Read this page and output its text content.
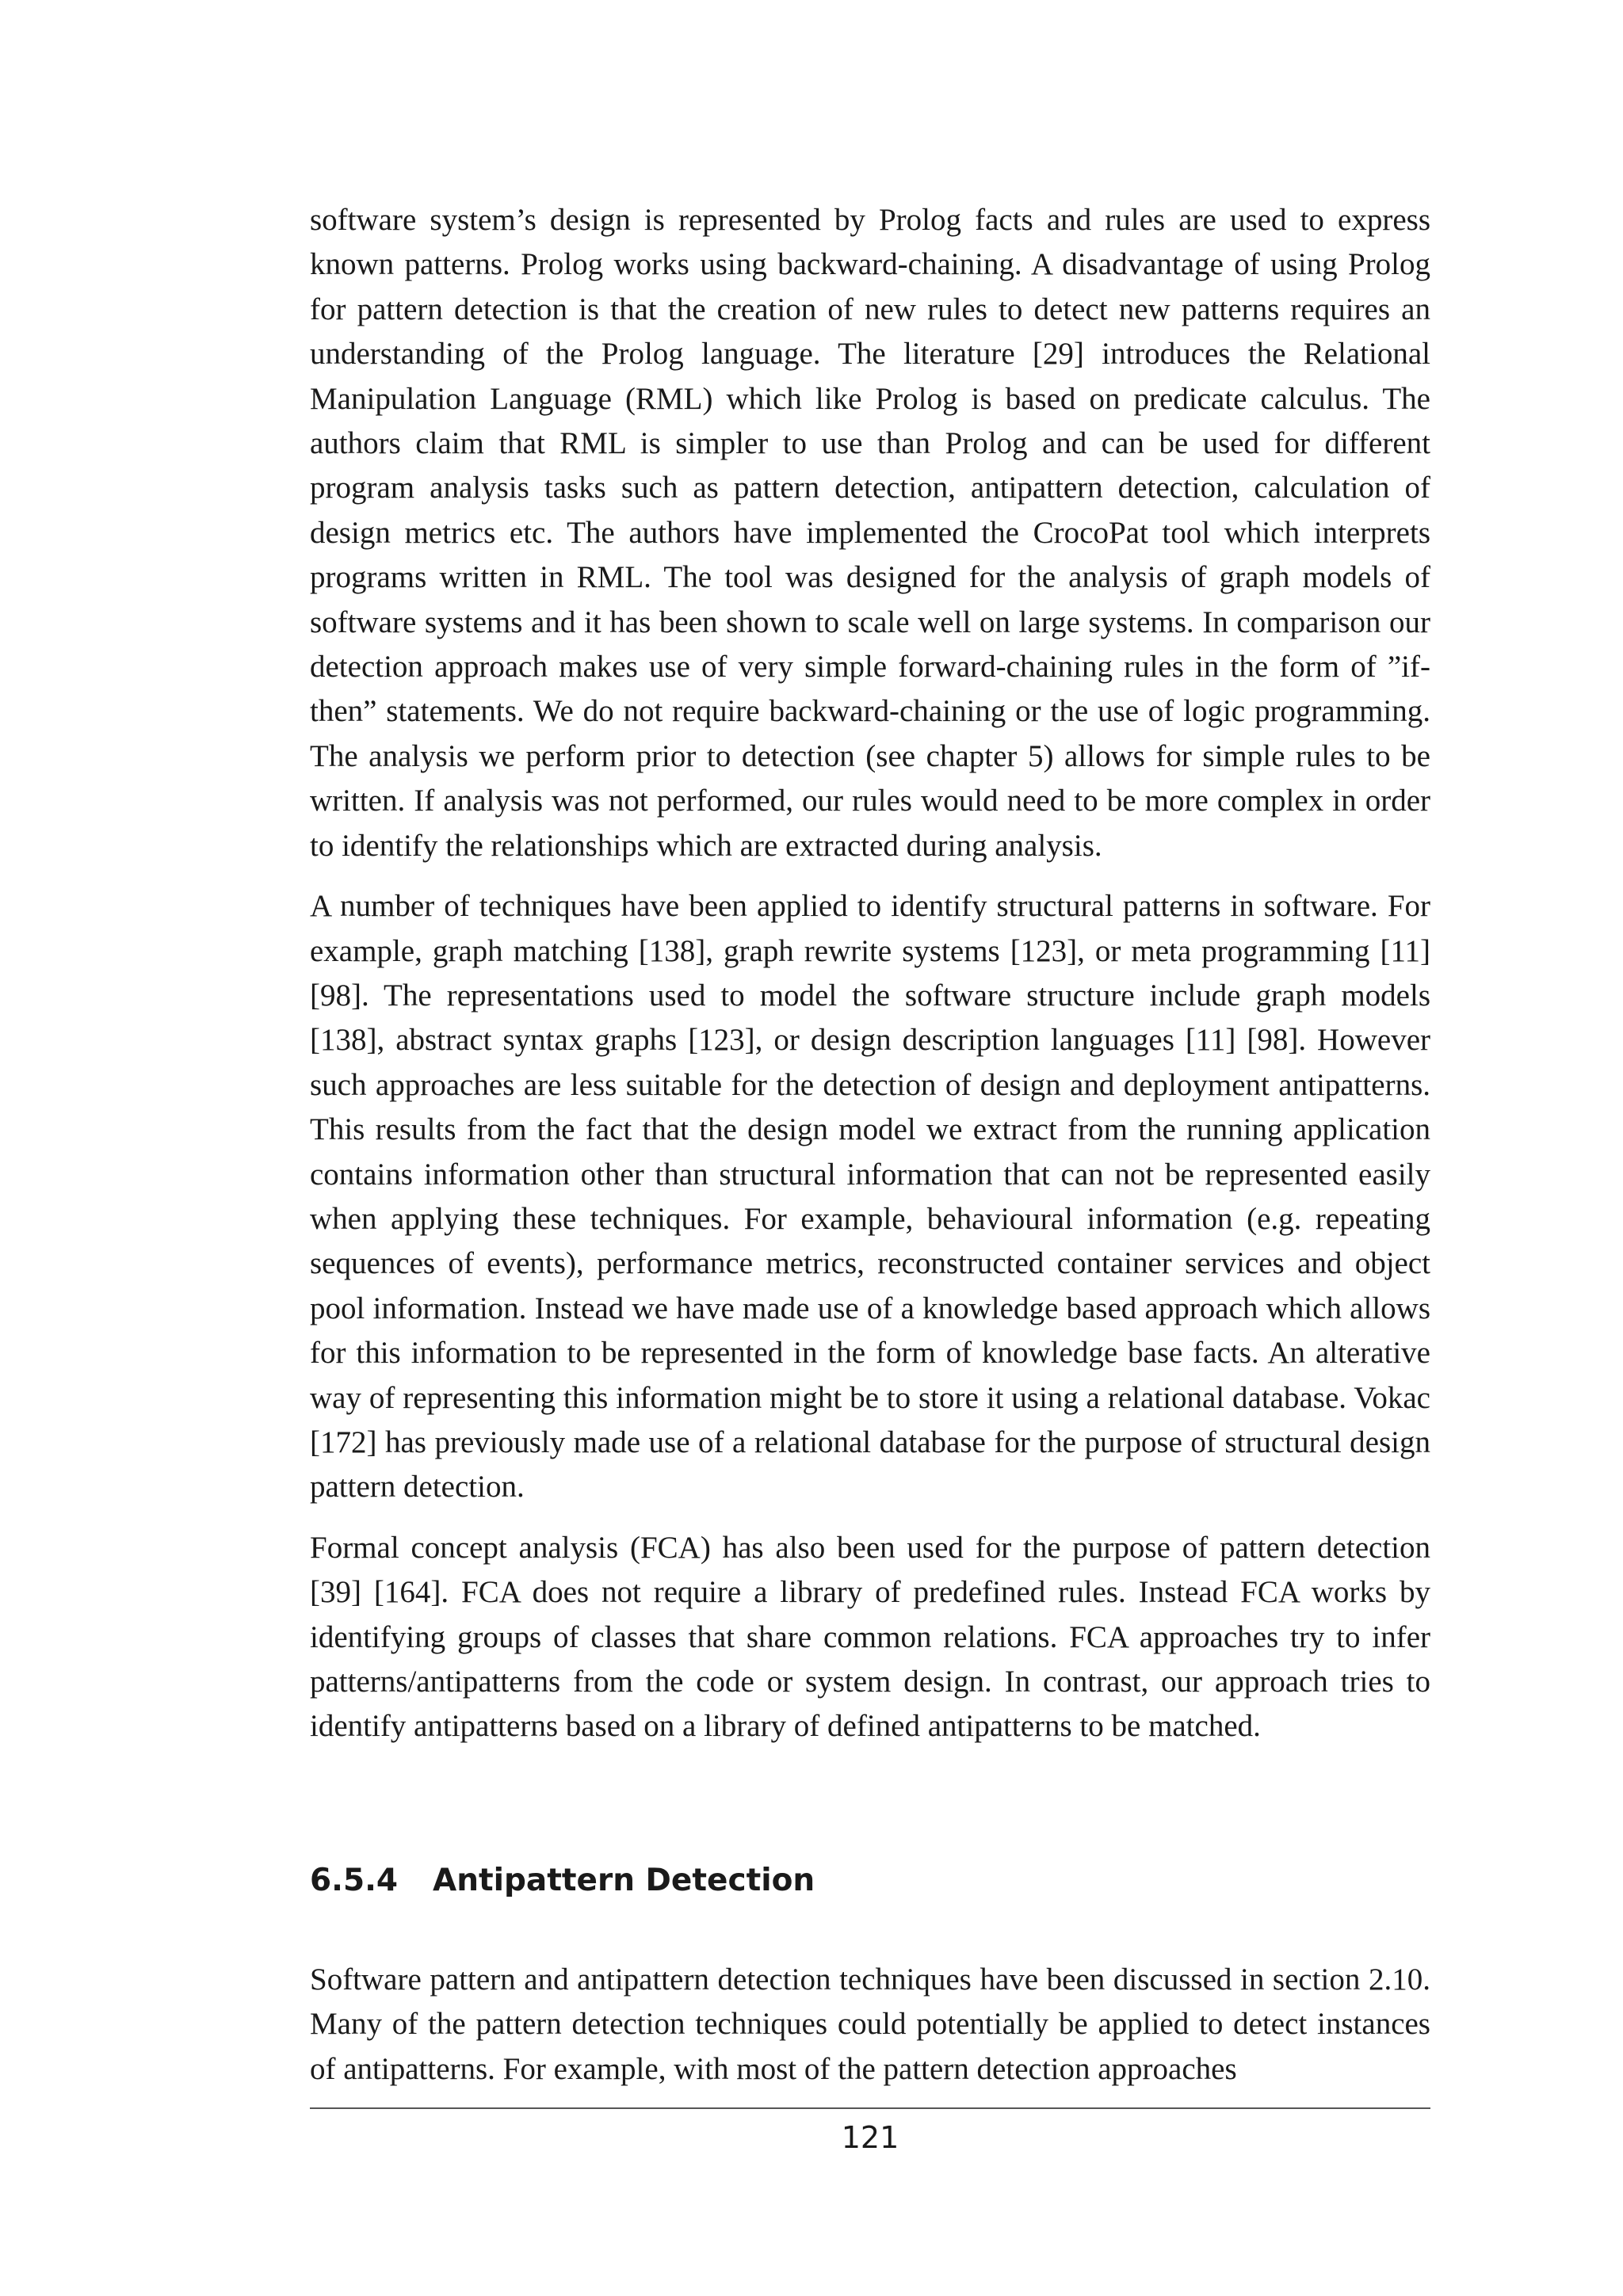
software system’s design is represented by Prolog facts and rules are used to express known patterns. Prolog works using backward-chaining. A disadvantage of using Prolog for pattern detection is that the creation of new rules to detect new patterns requires an understanding of the Prolog language. The literature [29] introduces the Relational Manipulation Language (RML) which like Prolog is based on predicate calculus. The authors claim that RML is simpler to use than Prolog and can be used for different program analysis tasks such as pattern detection, antipattern detection, calculation of design metrics etc. The authors have implemented the CrocoPat tool which interprets programs written in RML. The tool was designed for the analysis of graph models of software systems and it has been shown to scale well on large systems. In comparison our detection approach makes use of very simple forward-chaining rules in the form of ”if-then” statements. We do not require backward-chaining or the use of logic programming. The analysis we perform prior to detection (see chapter 5) allows for simple rules to be written. If analysis was not performed, our rules would need to be more complex in order to identify the relationships which are extracted during analysis.

A number of techniques have been applied to identify structural patterns in software. For example, graph matching [138], graph rewrite systems [123], or meta programming [11] [98]. The representations used to model the software structure include graph models [138], abstract syntax graphs [123], or design description languages [11] [98]. However such approaches are less suitable for the detection of design and deployment antipatterns. This results from the fact that the design model we extract from the running application contains information other than structural information that can not be represented easily when applying these techniques. For example, behavioural information (e.g. repeating sequences of events), performance metrics, reconstructed container services and object pool information. Instead we have made use of a knowledge based approach which allows for this information to be represented in the form of knowledge base facts. An alterative way of representing this information might be to store it using a relational database. Vokac [172] has previously made use of a relational database for the purpose of structural design pattern detection.

Formal concept analysis (FCA) has also been used for the purpose of pattern detection [39] [164]. FCA does not require a library of predefined rules. Instead FCA works by identifying groups of classes that share common relations. FCA approaches try to infer patterns/antipatterns from the code or system design. In contrast, our approach tries to identify antipatterns based on a library of defined antipatterns to be matched.

6.5.4 Antipattern Detection

Software pattern and antipattern detection techniques have been discussed in section 2.10. Many of the pattern detection techniques could potentially be applied to detect instances of antipatterns. For example, with most of the pattern detection approaches

121
